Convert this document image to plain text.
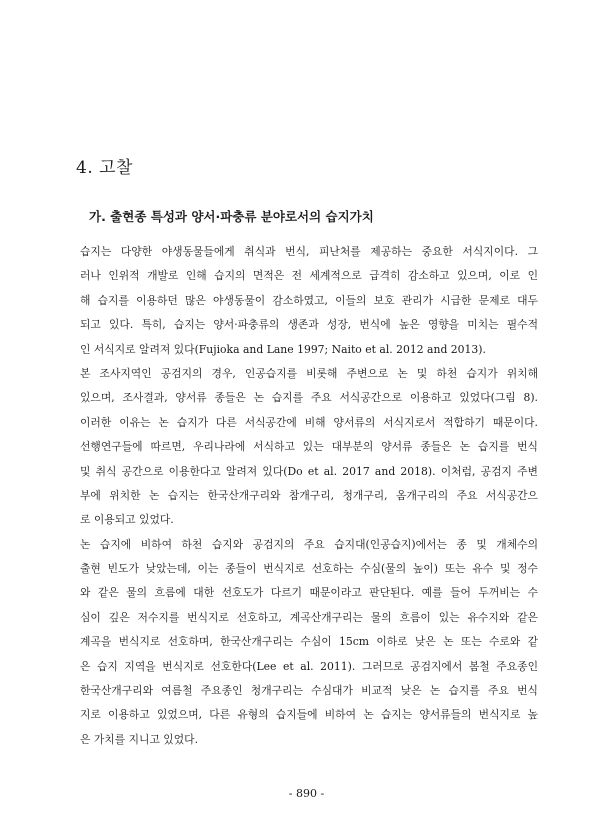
4. 고찰
가. 출현종 특성과 양서·파충류 분야로서의 습지가치
습지는 다양한 야생동물들에게 취식과 번식, 피난처를 제공하는 중요한 서식지이다. 그
러나 인위적 개발로 인해 습지의 면적은 전 세계적으로 급격히 감소하고 있으며, 이로 인
해 습지를 이용하던 많은 야생동물이 감소하였고, 이들의 보호 관리가 시급한 문제로 대두
되고 있다. 특히, 습지는 양서·파충류의 생존과 성장, 번식에 높은 영향을 미치는 필수적
인 서식지로 알려져 있다(Fujioka and Lane 1997; Naito et al. 2012 and 2013).
본 조사지역인 공검지의 경우, 인공습지를 비롯해 주변으로 논 및 하천 습지가 위치해
있으며, 조사결과, 양서류 종들은 논 습지를 주요 서식공간으로 이용하고 있었다(그림 8).
이러한 이유는 논 습지가 다른 서식공간에 비해 양서류의 서식지로서 적합하기 때문이다.
선행연구들에 따르면, 우리나라에 서식하고 있는 대부분의 양서류 종들은 논 습지를 번식
및 취식 공간으로 이용한다고 알려져 있다(Do et al. 2017 and 2018). 이처럼, 공검지 주변
부에 위치한 논 습지는 한국산개구리와 참개구리, 청개구리, 옴개구리의 주요 서식공간으
로 이용되고 있었다.
논 습지에 비하여 하천 습지와 공검지의 주요 습지대(인공습지)에서는 종 및 개체수의
출현 빈도가 낮았는데, 이는 종들이 번식지로 선호하는 수심(물의 높이) 또는 유수 및 정수
와 같은 물의 흐름에 대한 선호도가 다르기 때문이라고 판단된다. 예를 들어 두꺼비는 수
심이 깊은 저수지를 번식지로 선호하고, 계곡산개구리는 물의 흐름이 있는 유수지와 같은
계곡을 번식지로 선호하며, 한국산개구리는 수심이 15cm 이하로 낮은 논 또는 수로와 같
은 습지 지역을 번식지로 선호한다(Lee et al. 2011). 그러므로 공검지에서 봄철 주요종인
한국산개구리와 여름철 주요종인 청개구리는 수심대가 비교적 낮은 논 습지를 주요 번식
지로 이용하고 있었으며, 다른 유형의 습지들에 비하여 논 습지는 양서류들의 번식지로 높
은 가치를 지니고 있었다.
- 890 -
